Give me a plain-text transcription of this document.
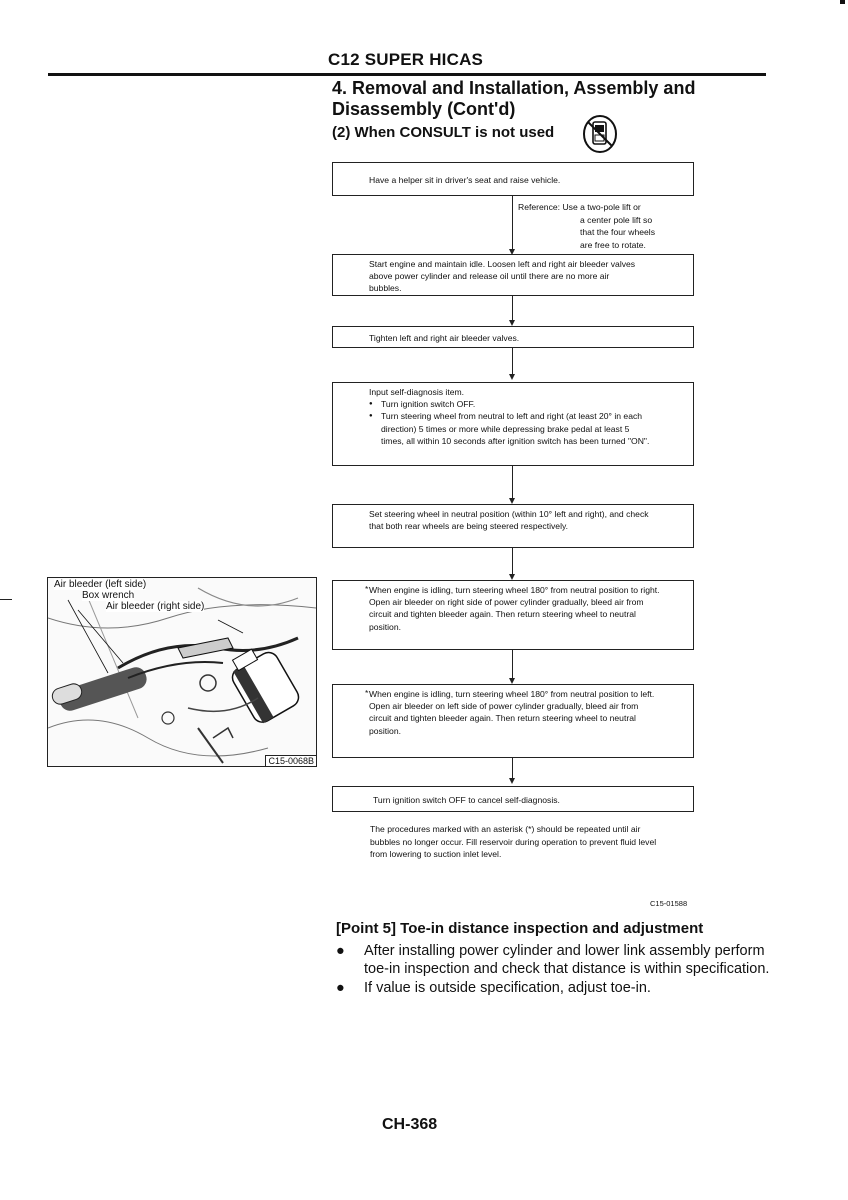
C12 SUPER HICAS
4. Removal and Installation, Assembly and Disassembly (Cont'd)
(2) When CONSULT is not used
Have a helper sit in driver's seat and raise vehicle.
Reference: Use a two-pole lift or
a center pole lift so
that the four wheels
are free to rotate.
Start engine and maintain idle. Loosen left and right air bleeder valves above power cylinder and release oil until there are no more air bubbles.
Tighten left and right air bleeder valves.
Input self-diagnosis item.
● Turn ignition switch OFF.
● Turn steering wheel from neutral to left and right (at least 20° in each direction) 5 times or more while depressing brake pedal at least 5 times, all within 10 seconds after ignition switch has been turned "ON".
Set steering wheel in neutral position (within 10° left and right), and check that both rear wheels are being steered respectively.
* When engine is idling, turn steering wheel 180° from neutral position to right. Open air bleeder on right side of power cylinder gradually, bleed air from circuit and tighten bleeder again. Then return steering wheel to neutral position.
* When engine is idling, turn steering wheel 180° from neutral position to left. Open air bleeder on left side of power cylinder gradually, bleed air from circuit and tighten bleeder again. Then return steering wheel to neutral position.
Turn ignition switch OFF to cancel self-diagnosis.
The procedures marked with an asterisk (*) should be repeated until air bubbles no longer occur. Fill reservoir during operation to prevent fluid level from lowering to suction inlet level.
C15-01588
Air bleeder (left side)
Box wrench
Air bleeder (right side)
C15-0068B
[Point 5] Toe-in distance inspection and adjustment
●	After installing power cylinder and lower link assembly perform toe-in inspection and check that distance is within specification.
●	If value is outside specification, adjust toe-in.
CH-368
